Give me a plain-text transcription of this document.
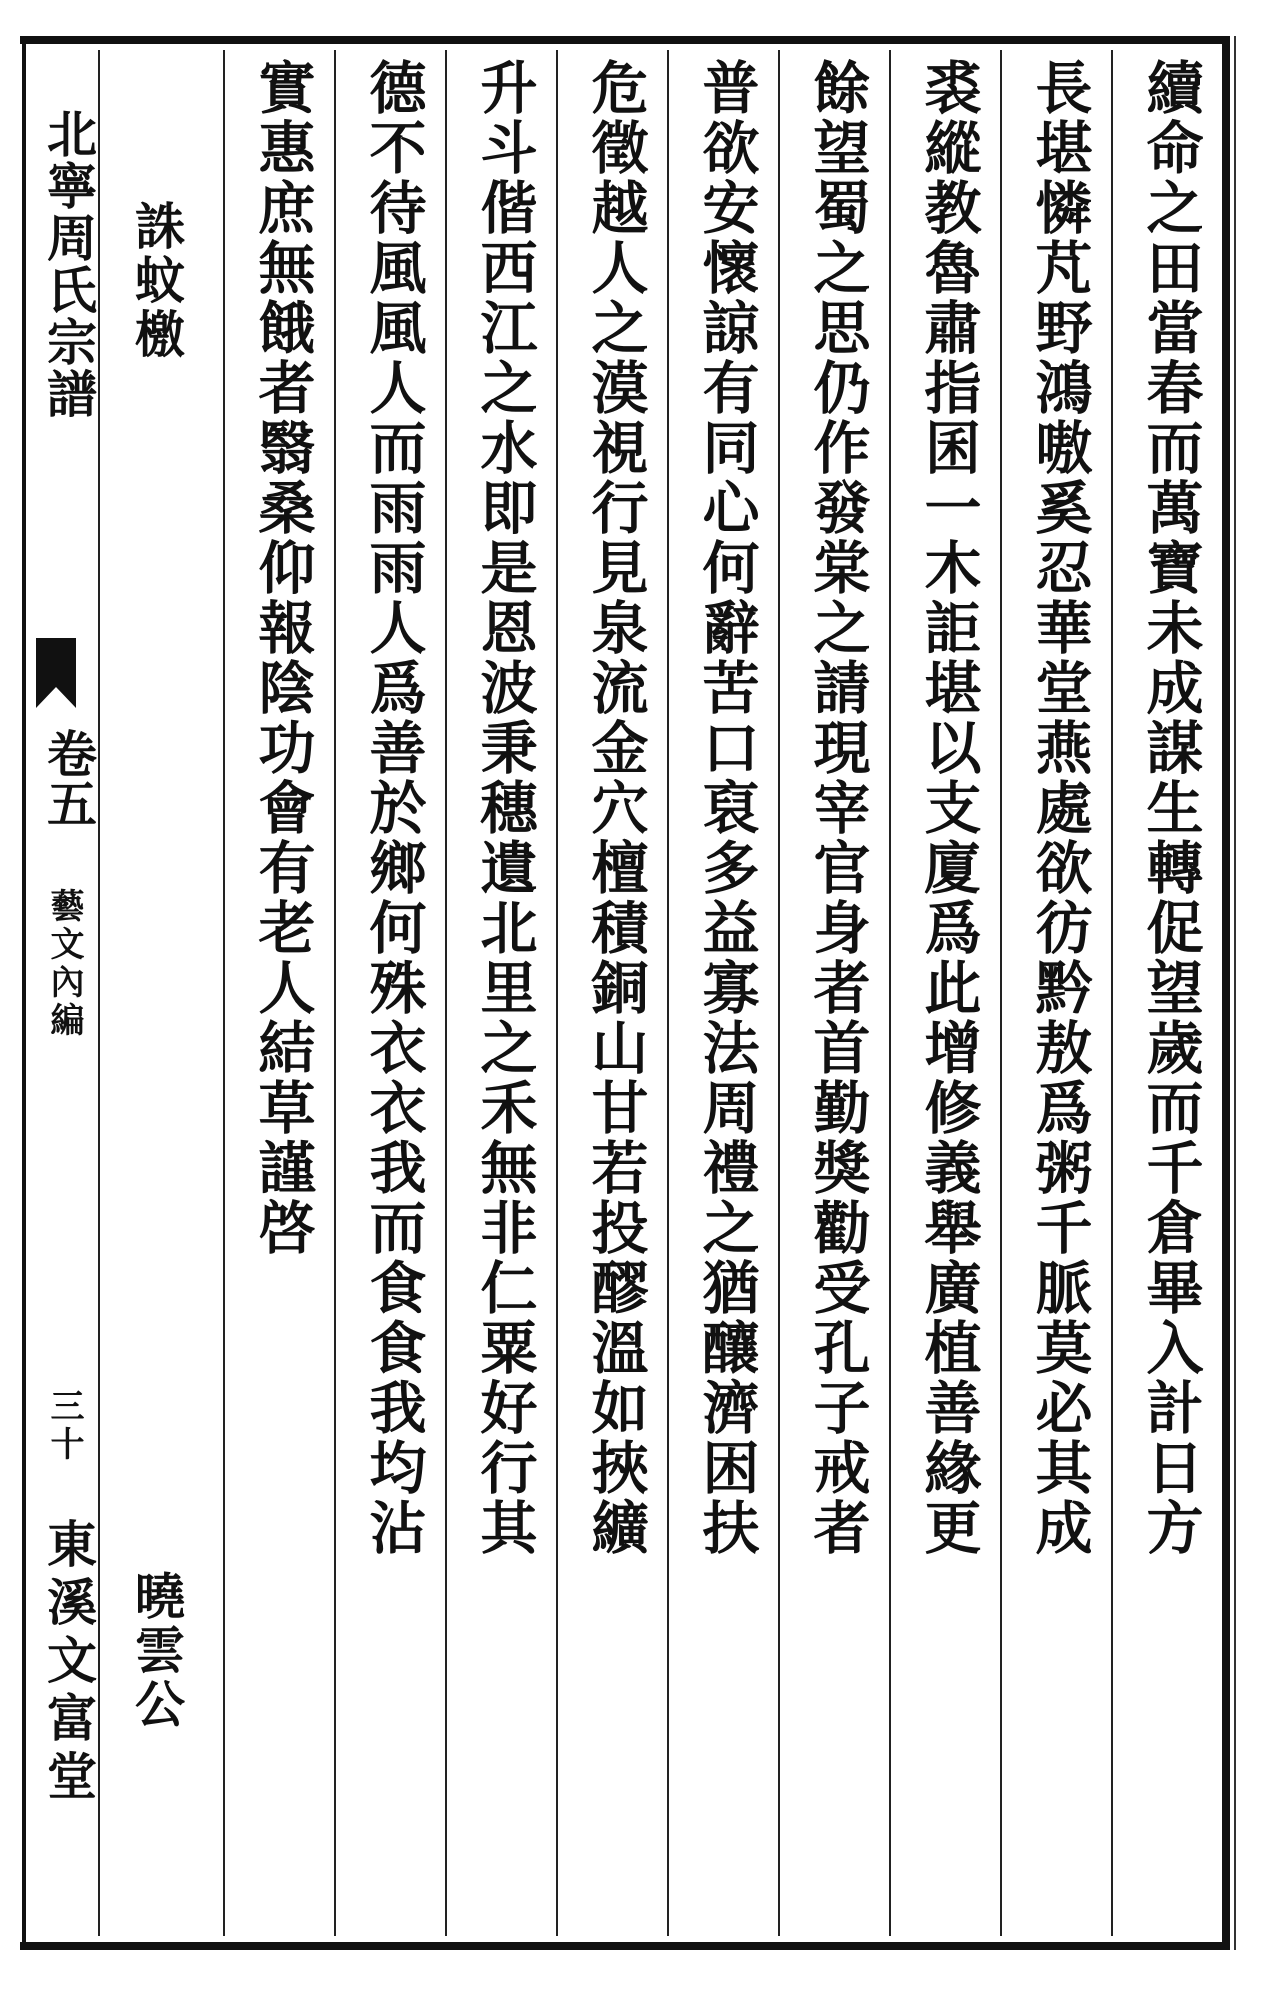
續命之田當春而萬寶未成謀生轉促望歲而千倉畢入計日方
長堪憐芃野鴻嗷奚忍華堂燕處欲彷黔敖爲粥千脈莫必其成
裘縱教魯肅指囷一木詎堪以支廈爲此增修義舉廣植善緣更
餘望蜀之思仍作發棠之請現宰官身者首勤獎勸受孔子戒者
普欲安懷諒有同心何辭苦口裒多益寡法周禮之猶釀濟困扶
危徵越人之漠視行見泉流金穴檀積銅山甘若投醪溫如挾纊
升斗偕西江之水即是恩波秉穗遺北里之禾無非仁粟好行其
德不待風風人而雨雨人爲善於鄉何殊衣衣我而食食我均沾
實惠庶無餓者翳桑仰報陰功會有老人結草謹啓
誅蚊檄
曉雲公
北寧周氏宗譜
卷五
藝文內編
三十
東溪文富堂
